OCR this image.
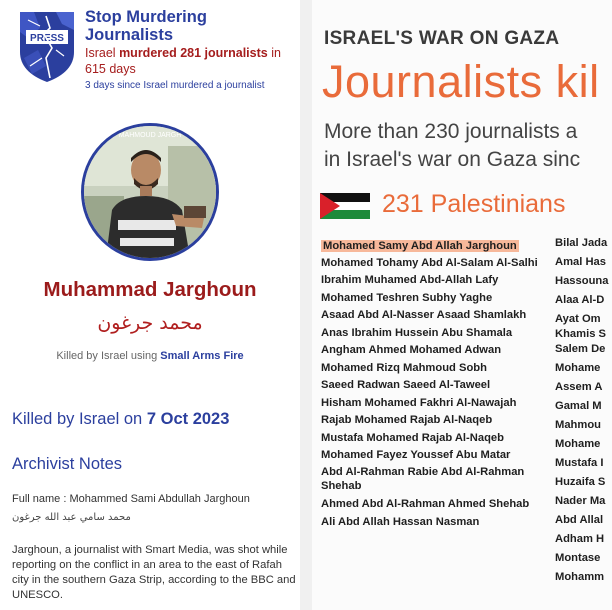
PRESS
Stop Murdering Journalists
Israel murdered 281 journalists in 615 days
3 days since Israel murdered a journalist
MAHMOUD JARGH
Muhammad Jarghoun
محمد جرغون
Killed by Israel using Small Arms Fire
Killed by Israel on 7 Oct 2023
Archivist Notes
Full name : Mohammed Sami Abdullah Jarghoun
محمد سامي عبد الله جرغون
Jarghoun, a journalist with Smart Media, was shot while reporting on the conflict in an area to the east of Rafah city in the southern Gaza Strip, according to the BBC and UNESCO.
ISRAEL'S WAR ON GAZA
Journalists kil
More than 230 journalists a
in Israel's war on Gaza sinc
231 Palestinians
Mohamed Samy Abd Allah Jarghoun
Mohamed Tohamy Abd Al-Salam Al-Salhi
Ibrahim Muhamed Abd-Allah Lafy
Mohamed Teshren Subhy Yaghe
Asaad Abd Al-Nasser Asaad Shamlakh
Anas Ibrahim Hussein Abu Shamala
Angham Ahmed Mohamed Adwan
Mohamed Rizq Mahmoud Sobh
Saeed Radwan Saeed Al-Taweel
Hisham Mohamed Fakhri Al-Nawajah
Rajab Mohamed Rajab Al-Naqeb
Mustafa Mohamed Rajab Al-Naqeb
Mohamed Fayez Youssef Abu Matar
Abd Al-Rahman Rabie Abd Al-Rahman Shehab
Ahmed Abd Al-Rahman Ahmed Shehab
Ali Abd Allah Hassan Nasman
Bilal Jada
Amal Has
Hassouna
Alaa Al-D
Ayat Om
Khamis S
Salem De
Mohame
Assem A
Gamal M
Mahmou
Mohame
Mustafa I
Huzaifa S
Nader Ma
Abd Allal
Adham H
Montase
Mohamm
